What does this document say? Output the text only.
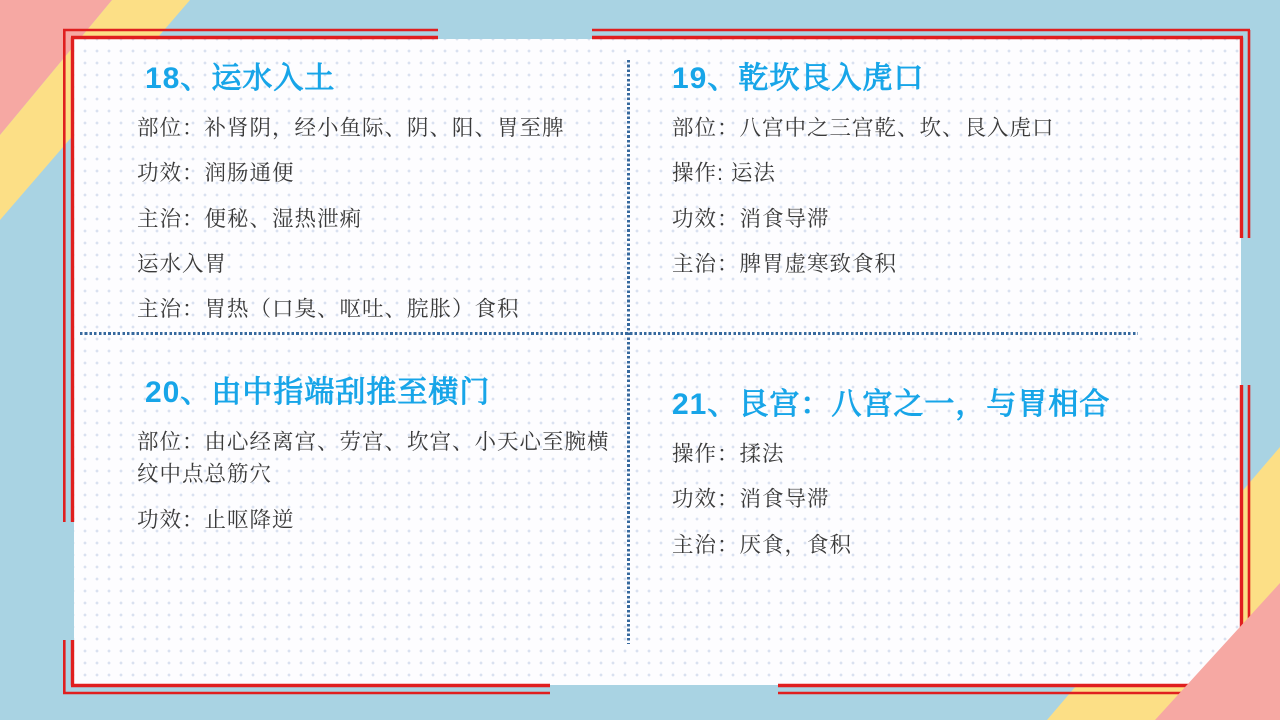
18、运水入土

部位：补肾阴，经小鱼际、阴、阳、胃至脾

功效：润肠通便

主治：便秘、湿热泄痢

运水入胃

主治：胃热（口臭、呕吐、脘胀）食积

19、乾坎艮入虎口

部位：八宫中之三宫乾、坎、艮入虎口

操作: 运法

功效：消食导滞

主治：脾胃虚寒致食积

20、由中指端刮推至横门

部位：由心经离宫、劳宫、坎宫、小天心至腕横纹中点总筋穴

功效：止呕降逆

21、艮宫：八宫之一，与胃相合

操作：揉法

功效：消食导滞

主治：厌食，食积
